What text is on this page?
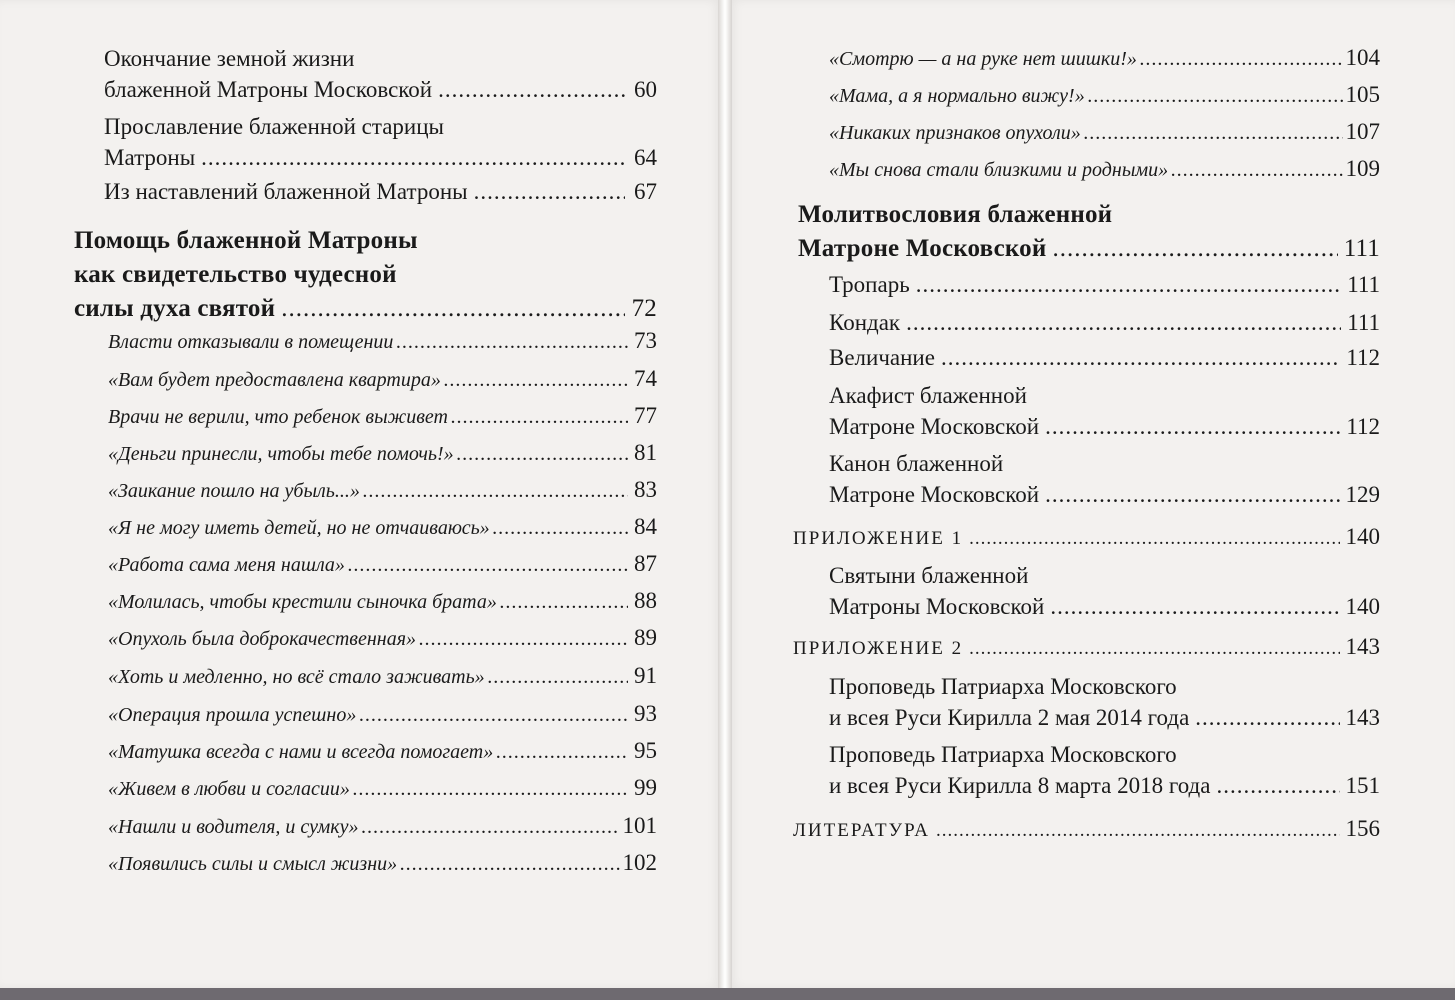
Окончание земной жизни
блаженной Матроны Московской .....	60
Прославление блаженной старицы
Матроны .....	64
Из наставлений блаженной Матроны .....	67
Помощь блаженной Матроны
как свидетельство чудесной
силы духа святой .....	72
Власти отказывали в помещении .....	73
«Вам будет предоставлена квартира» .....	74
Врачи не верили, что ребенок выживет .....	77
«Деньги принесли, чтобы тебе помочь!» .....	81
«Заикание пошло на убыль...» .....	83
«Я не могу иметь детей, но не отчаиваюсь» .....	84
«Работа сама меня нашла» .....	87
«Молилась, чтобы крестили сыночка брата» .....	88
«Опухоль была доброкачественная» .....	89
«Хоть и медленно, но всё стало заживать» .....	91
«Операция прошла успешно» .....	93
«Матушка всегда с нами и всегда помогает» .....	95
«Живем в любви и согласии» .....	99
«Нашли и водителя, и сумку» .....	101
«Появились силы и смысл жизни» .....	102
«Смотрю — а на руке нет шишки!» .....	104
«Мама, а я нормально вижу!» .....	105
«Никаких признаков опухоли» .....	107
«Мы снова стали близкими и родными» .....	109
Молитвословия блаженной
Матроне Московской .....	111
Тропарь .....	111
Кондак .....	111
Величание .....	112
Акафист блаженной
Матроне Московской .....	112
Канон блаженной
Матроне Московской .....	129
ПРИЛОЖЕНИЕ 1 .....	140
Святыни блаженной
Матроны Московской .....	140
ПРИЛОЖЕНИЕ 2 .....	143
Проповедь Патриарха Московского
и всея Руси Кирилла 2 мая 2014 года .....	143
Проповедь Патриарха Московского
и всея Руси Кирилла 8 марта 2018 года .....	151
ЛИТЕРАТУРА .....	156
